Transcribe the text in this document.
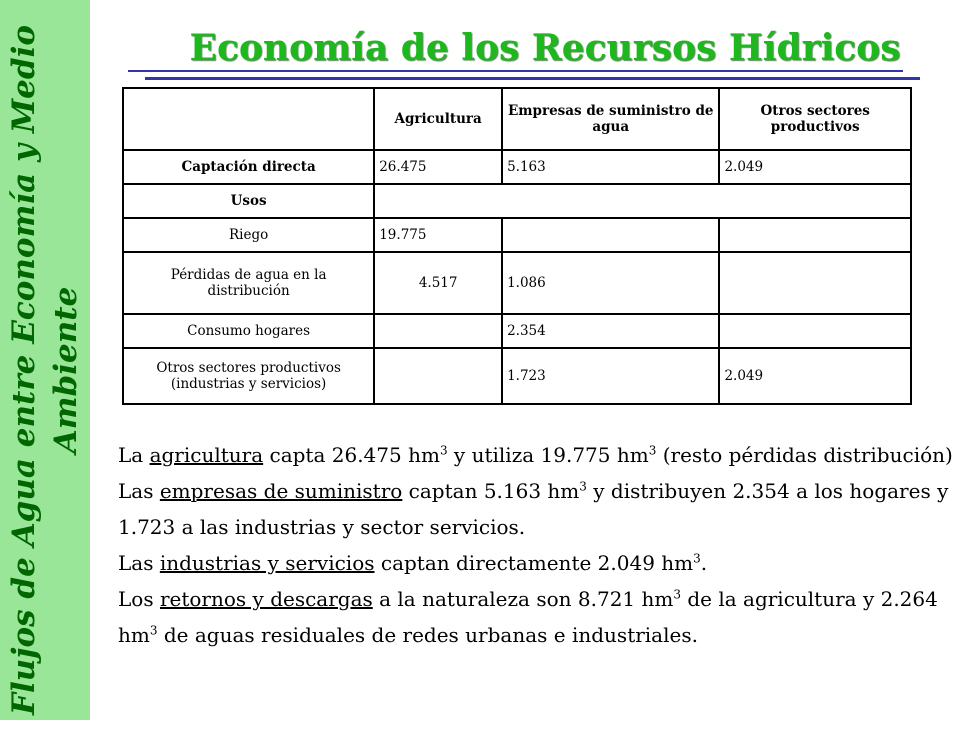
Flujos de Agua entre Economía y Medio Ambiente
Economía de los Recursos Hídricos
	Agricultura	Empresas de suministro de agua	Otros sectores productivos
Captación directa	26.475	5.163	2.049
Usos			
Riego	19.775		
Pérdidas de agua en la distribución	4.517	1.086	
Consumo hogares		2.354	
Otros sectores productivos (industrias y servicios)		1.723	2.049

La agricultura capta 26.475 $hm^3$ y utiliza 19.775 $hm^3$ (resto pérdidas distribución)

Las empresas de suministro captan 5.163 $hm^3$ y distribuyen 2.354 a los hogares y 1.723 a las industrias y sector servicios.

Las industrias y servicios captan directamente 2.049 $hm^3$.

Los retornos y descargas a la naturaleza son 8.721 $hm^3$ de la agricultura y 2.264 $hm^3$ de aguas residuales de redes urbanas e industriales.
